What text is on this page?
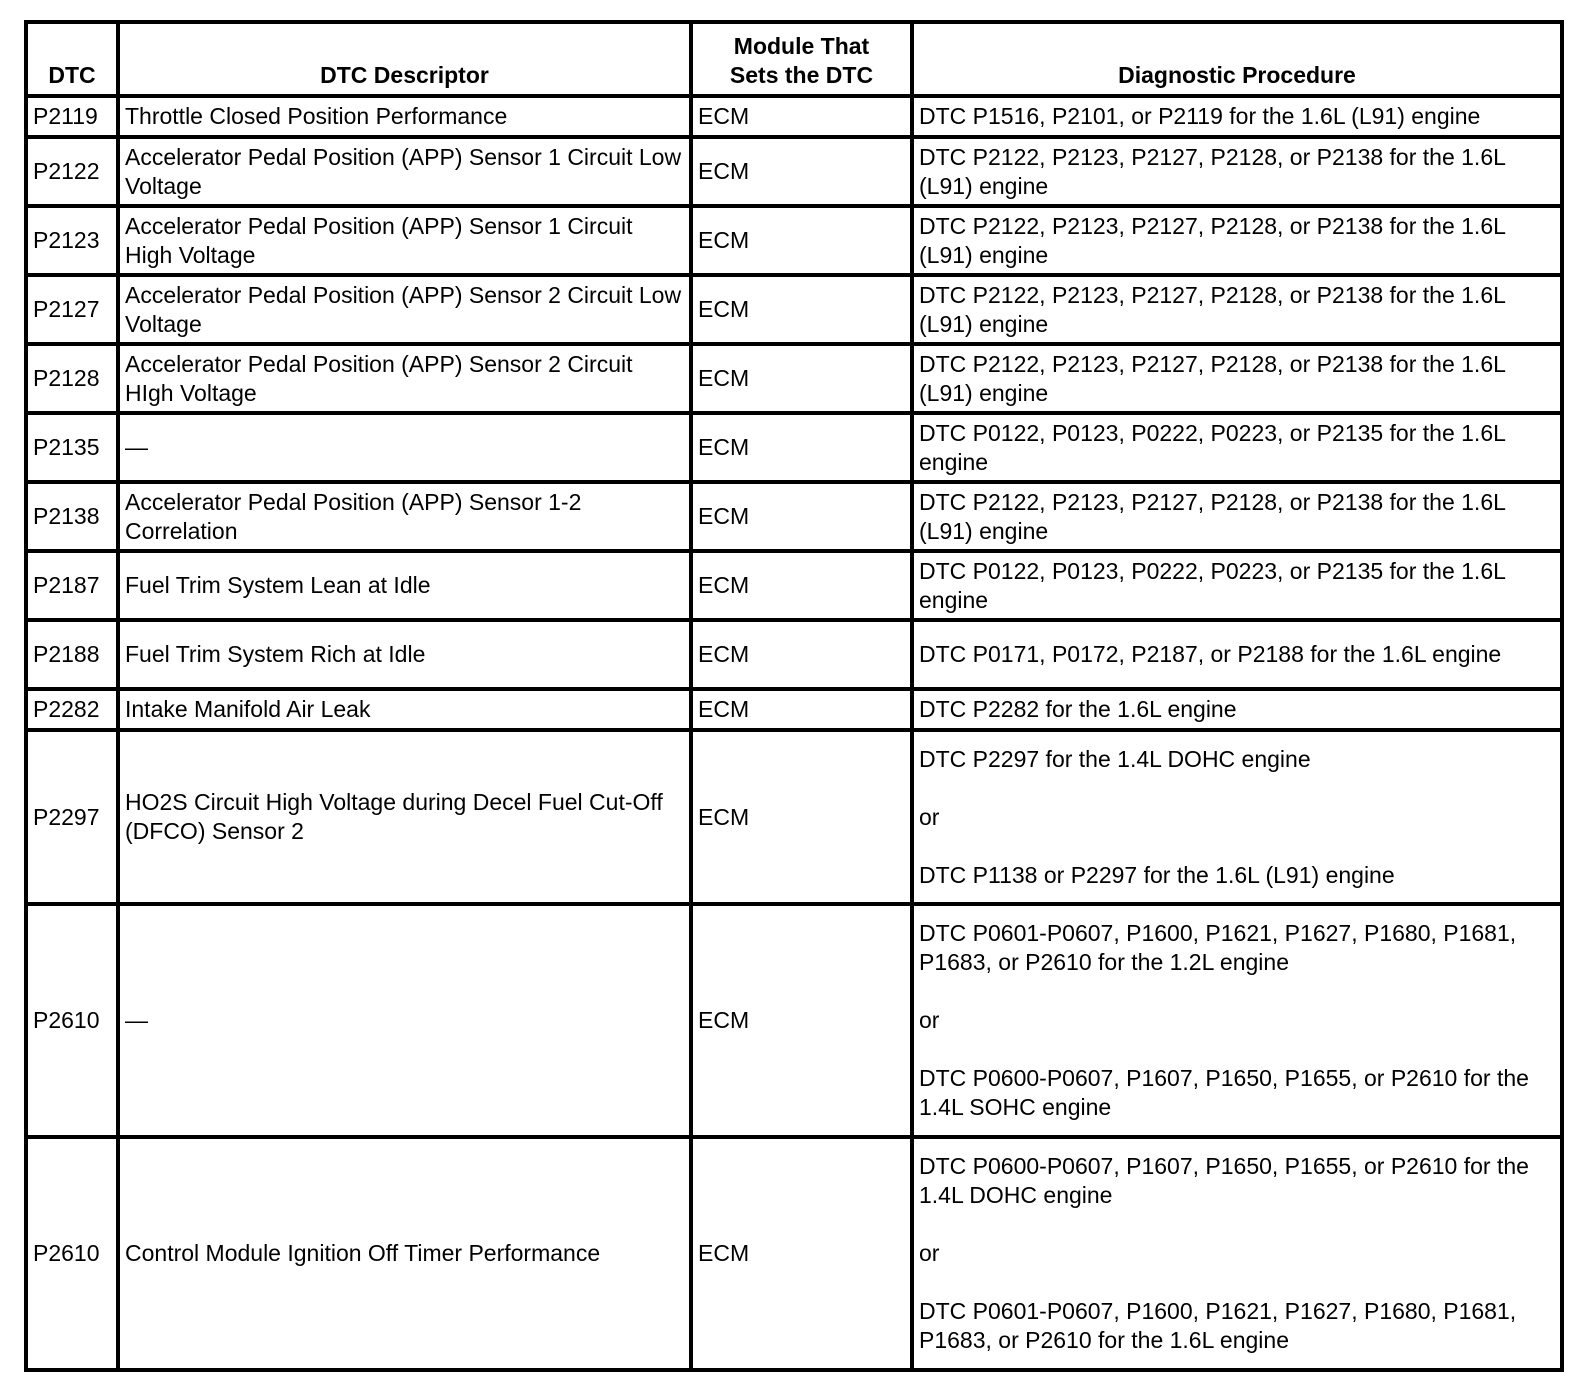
DTC	DTC Descriptor	Module That Sets the DTC	Diagnostic Procedure
P2119	Throttle Closed Position Performance	ECM	DTC P1516, P2101, or P2119 for the 1.6L (L91) engine

P2122	Accelerator Pedal Position (APP) Sensor 1 Circuit Low Voltage	ECM	DTC P2122, P2123, P2127, P2128, or P2138 for the 1.6L (L91) engine

P2123	Accelerator Pedal Position (APP) Sensor 1 Circuit High Voltage	ECM	DTC P2122, P2123, P2127, P2128, or P2138 for the 1.6L (L91) engine

P2127	Accelerator Pedal Position (APP) Sensor 2 Circuit Low Voltage	ECM	DTC P2122, P2123, P2127, P2128, or P2138 for the 1.6L (L91) engine

P2128	Accelerator Pedal Position (APP) Sensor 2 Circuit HIgh Voltage	ECM	DTC P2122, P2123, P2127, P2128, or P2138 for the 1.6L (L91) engine

P2135	—	ECM	DTC P0122, P0123, P0222, P0223, or P2135 for the 1.6L engine

P2138	Accelerator Pedal Position (APP) Sensor 1-2 Correlation	ECM	DTC P2122, P2123, P2127, P2128, or P2138 for the 1.6L (L91) engine

P2187	Fuel Trim System Lean at Idle	ECM	DTC P0122, P0123, P0222, P0223, or P2135 for the 1.6L engine

P2188	Fuel Trim System Rich at Idle	ECM	DTC P0171, P0172, P2187, or P2188 for the 1.6L engine

P2282	Intake Manifold Air Leak	ECM	DTC P2282 for the 1.6L engine

P2297	HO2S Circuit High Voltage during Decel Fuel Cut-Off (DFCO) Sensor 2	ECM	DTC P2297 for the 1.4L DOHC engine
or
DTC P1138 or P2297 for the 1.6L (L91) engine

P2610	—	ECM	DTC P0601-P0607, P1600, P1621, P1627, P1680, P1681, P1683, or P2610 for the 1.2L engine
or
DTC P0600-P0607, P1607, P1650, P1655, or P2610 for the 1.4L SOHC engine

P2610	Control Module Ignition Off Timer Performance	ECM	DTC P0600-P0607, P1607, P1650, P1655, or P2610 for the 1.4L DOHC engine
or
DTC P0601-P0607, P1600, P1621, P1627, P1680, P1681, P1683, or P2610 for the 1.6L engine
